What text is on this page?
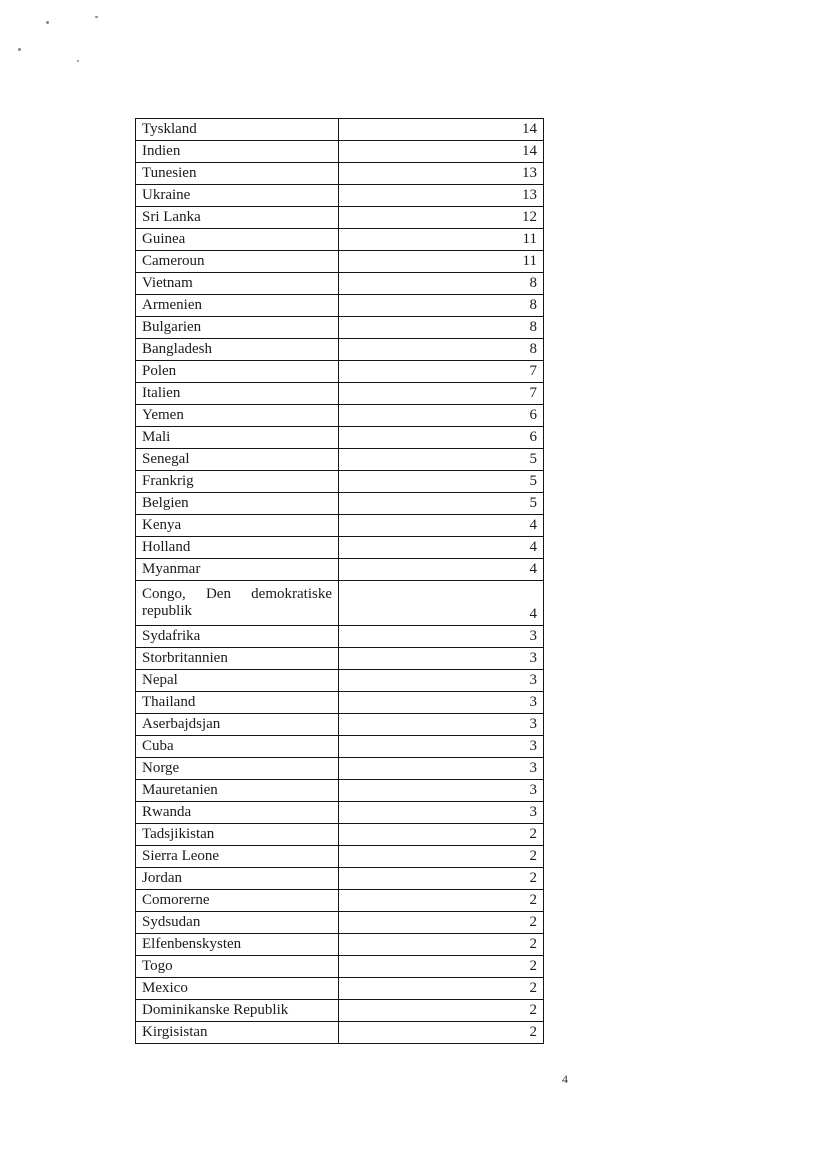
Tyskland	14
Indien	14
Tunesien	13
Ukraine	13
Sri Lanka	12
Guinea	11
Cameroun	11
Vietnam	8
Armenien	8
Bulgarien	8
Bangladesh	8
Polen	7
Italien	7
Yemen	6
Mali	6
Senegal	5
Frankrig	5
Belgien	5
Kenya	4
Holland	4
Myanmar	4
Congo, Den demokratiske republik	4
Sydafrika	3
Storbritannien	3
Nepal	3
Thailand	3
Aserbajdsjan	3
Cuba	3
Norge	3
Mauretanien	3
Rwanda	3
Tadsjikistan	2
Sierra Leone	2
Jordan	2
Comorerne	2
Sydsudan	2
Elfenbenskysten	2
Togo	2
Mexico	2
Dominikanske Republik	2
Kirgisistan	2
4
